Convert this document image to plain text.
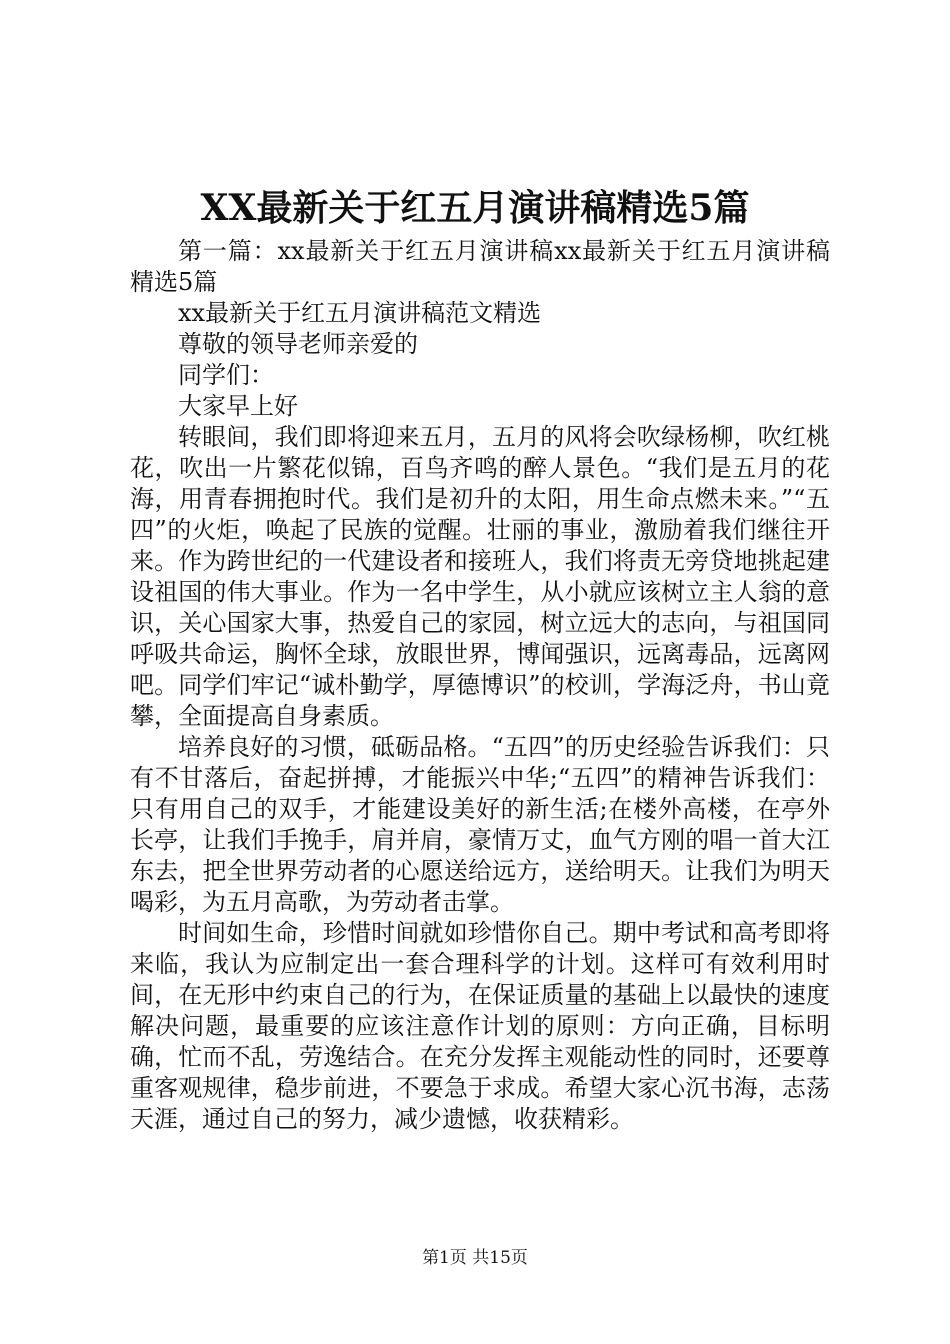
XX最新关于红五月演讲稿精选5篇

第一篇：xx最新关于红五月演讲稿xx最新关于红五月演讲稿精选5篇

xx最新关于红五月演讲稿范文精选

尊敬的领导老师亲爱的

同学们：

大家早上好

转眼间，我们即将迎来五月，五月的风将会吹绿杨柳，吹红桃花，吹出一片繁花似锦，百鸟齐鸣的醉人景色。“我们是五月的花海，用青春拥抱时代。我们是初升的太阳，用生命点燃未来。”“五四”的火炬，唤起了民族的觉醒。壮丽的事业，激励着我们继往开来。作为跨世纪的一代建设者和接班人，我们将责无旁贷地挑起建设祖国的伟大事业。作为一名中学生，从小就应该树立主人翁的意识，关心国家大事，热爱自己的家园，树立远大的志向，与祖国同呼吸共命运，胸怀全球，放眼世界，博闻强识，远离毒品，远离网吧。同学们牢记“诚朴勤学，厚德博识”的校训，学海泛舟，书山竟攀，全面提高自身素质。

培养良好的习惯，砥砺品格。“五四”的历史经验告诉我们：只有不甘落后，奋起拼搏，才能振兴中华;“五四”的精神告诉我们：只有用自己的双手，才能建设美好的新生活;在楼外高楼，在亭外长亭，让我们手挽手，肩并肩，豪情万丈，血气方刚的唱一首大江东去，把全世界劳动者的心愿送给远方，送给明天。让我们为明天喝彩，为五月高歌，为劳动者击掌。

时间如生命，珍惜时间就如珍惜你自己。期中考试和高考即将来临，我认为应制定出一套合理科学的计划。这样可有效利用时间，在无形中约束自己的行为，在保证质量的基础上以最快的速度解决问题，最重要的应该注意作计划的原则：方向正确，目标明确，忙而不乱，劳逸结合。在充分发挥主观能动性的同时，还要尊重客观规律，稳步前进，不要急于求成。希望大家心沉书海，志荡天涯，通过自己的努力，减少遗憾，收获精彩。

第1页 共15页
